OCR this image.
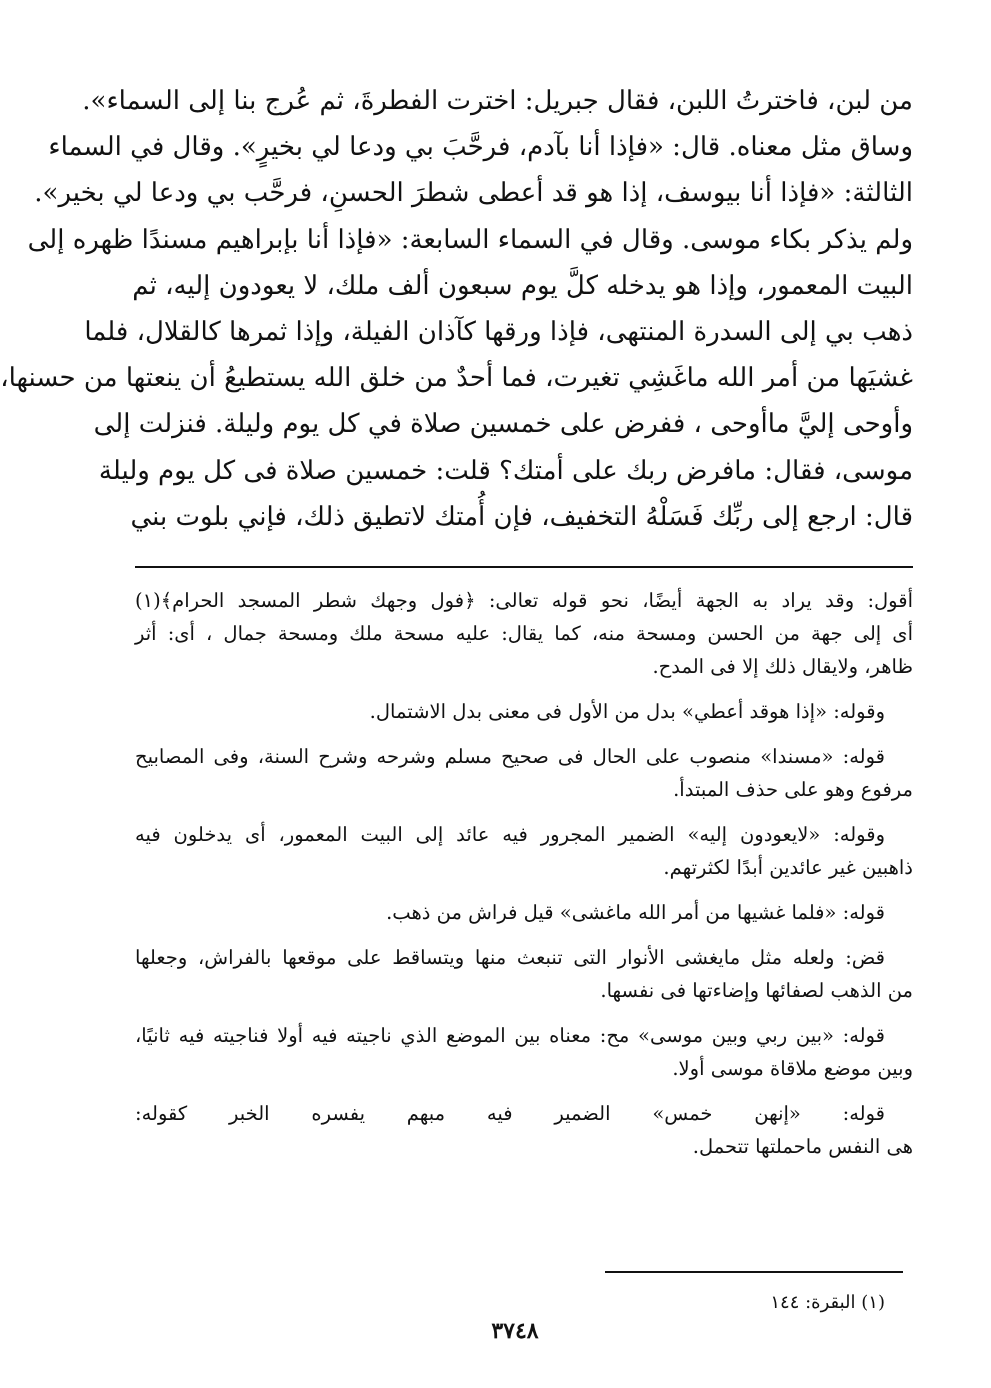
من لبن، فاخترتُ اللبن، فقال جبريل: اخترت الفطرةَ، ثم عُرج بنا إلى السماء».
وساق مثل معناه. قال: «فإذا أنا بآدم، فرحَّبَ بي ودعا لي بخيرٍ». وقال في السماء
الثالثة: «فإذا أنا بيوسف، إذا هو قد أعطى شطرَ الحسنِ، فرحَّب بي ودعا لي بخير».
ولم يذكر بكاء موسى. وقال في السماء السابعة: «فإذا أنا بإبراهيم مسندًا ظهره إلى
البيت المعمور، وإذا هو يدخله كلَّ يوم سبعون ألف ملك، لا يعودون إليه، ثم
ذهب بي إلى السدرة المنتهى، فإذا ورقها كآذان الفيلة، وإذا ثمرها كالقلال، فلما
غشيَها من أمر الله ماغَشِي تغيرت، فما أحدٌ من خلق الله يستطيعُ أن ينعتها من حسنها،
وأوحى إليَّ ماأوحى ، ففرض على خمسين صلاة في كل يوم وليلة. فنزلت إلى
موسى، فقال: مافرض ربك على أمتك؟ قلت: خمسين صلاة فى كل يوم وليلة
قال: ارجع إلى ربِّك فَسَلْهُ التخفيف، فإن أُمتك لاتطيق ذلك، فإني بلوت بني
أقول: وقد يراد به الجهة أيضًا، نحو قوله تعالى: ﴿فول وجهك شطر المسجد الحرام﴾(١)
أى إلى جهة من الحسن ومسحة منه، كما يقال: عليه مسحة ملك ومسحة جمال ، أى: أثر
ظاهر، ولايقال ذلك إلا فى المدح.
وقوله: «إذا هوقد أعطي» بدل من الأول فى معنى بدل الاشتمال.
قوله: «مسندا» منصوب على الحال فى صحيح مسلم وشرحه وشرح السنة، وفى المصابيح
مرفوع وهو على حذف المبتدأ.
وقوله: «لايعودون إليه» الضمير المجرور فيه عائد إلى البيت المعمور، أى يدخلون فيه
ذاهبين غير عائدين أبدًا لكثرتهم.
قوله: «فلما غشيها من أمر الله ماغشى» قيل فراش من ذهب.
قض: ولعله مثل مايغشى الأنوار التى تنبعث منها ويتساقط على موقعها بالفراش، وجعلها
من الذهب لصفائها وإضاءتها فى نفسها.
قوله: «بين ربي وبين موسى» مح: معناه بين الموضع الذي ناجيته فيه أولا فناجيته فيه ثانيًا،
وبين موضع ملاقاة موسى أولا.
قوله: «إنهن خمس» الضمير فيه مبهم يفسره الخبر كقوله:
هى النفس ماحملتها تتحمل.
(١) البقرة: ١٤٤
٣٧٤٨
